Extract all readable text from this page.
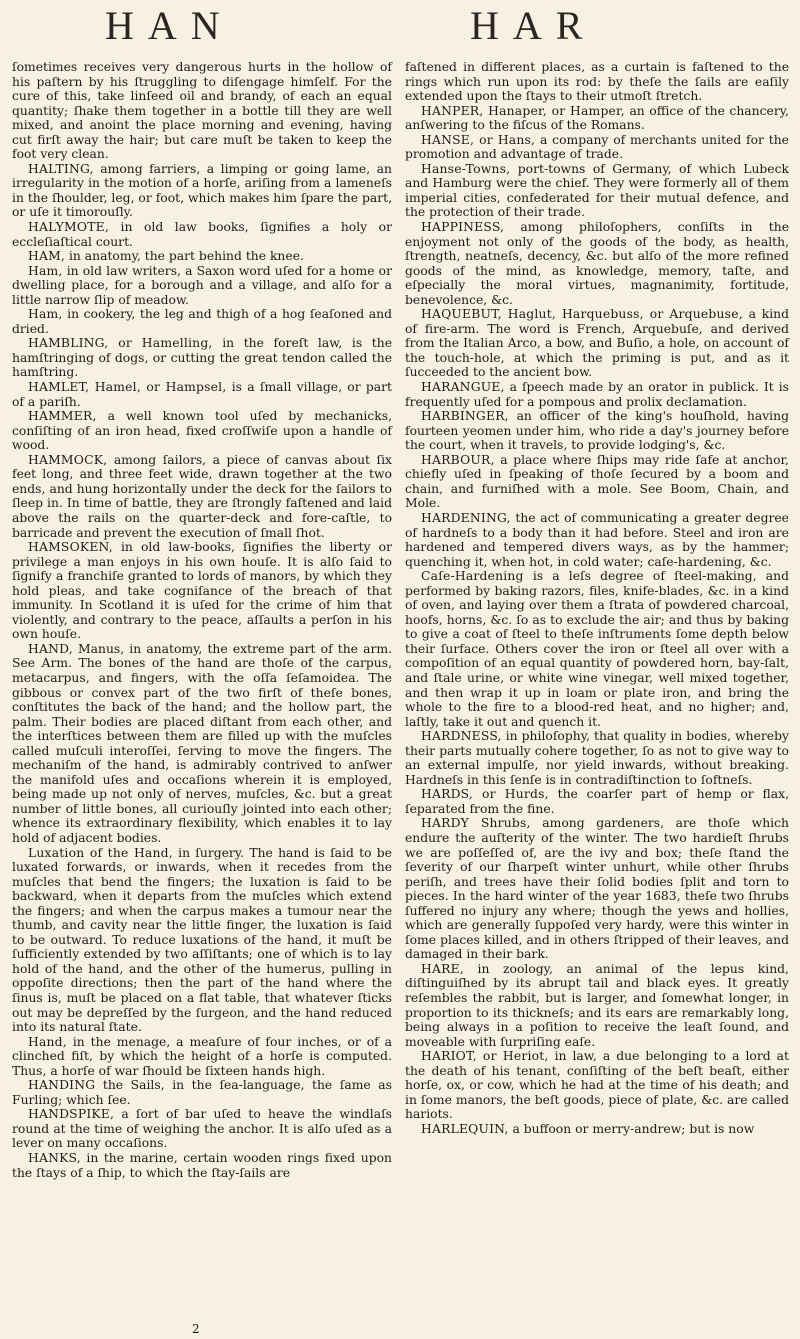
HAN	HAR

ſometimes receives very dangerous hurts in the hollow of his paſtern by his ſtruggling to diſengage himſelf. For the cure of this, take linſeed oil and brandy, of each an equal quantity; ſhake them together in a bottle till they are well mixed, and anoint the place morning and evening, having cut firſt away the hair; but care muſt be taken to keep the foot very clean.

HALTING, among farriers, a limping or going lame, an irregularity in the motion of a horſe, ariſing from a lameneſs in the ſhoulder, leg, or foot, which makes him ſpare the part, or uſe it timorouſly.

HALYMOTE, in old law books, ſignifies a holy or eccleſiaſtical court.

HAM, in anatomy, the part behind the knee.

Ham, in old law writers, a Saxon word uſed for a home or dwelling place, for a borough and a village, and alſo for a little narrow ſlip of meadow.

Ham, in cookery, the leg and thigh of a hog ſeaſoned and dried.

HAMBLING, or Hamelling, in the foreſt law, is the hamſtringing of dogs, or cutting the great tendon called the hamſtring.

HAMLET, Hamel, or Hampsel, is a ſmall village, or part of a pariſh.

HAMMER, a well known tool uſed by mechanicks, conſiſting of an iron head, fixed croſſwiſe upon a handle of wood.

HAMMOCK, among ſailors, a piece of canvas about ſix feet long, and three feet wide, drawn together at the two ends, and hung horizontally under the deck for the ſailors to ſleep in. In time of battle, they are ſtrongly faſtened and laid above the rails on the quarter-deck and fore-caſtle, to barricade and prevent the execution of ſmall ſhot.

HAMSOKEN, in old law-books, ſignifies the liberty or privilege a man enjoys in his own houſe. It is alſo ſaid to ſignify a franchiſe granted to lords of manors, by which they hold pleas, and take cogniſance of the breach of that immunity. In Scotland it is uſed for the crime of him that violently, and contrary to the peace, aſſaults a perſon in his own houſe.

HAND, Manus, in anatomy, the extreme part of the arm. See Arm. The bones of the hand are thoſe of the carpus, metacarpus, and fingers, with the oſſa ſeſamoidea. The gibbous or convex part of the two firſt of theſe bones, conſtitutes the back of the hand; and the hollow part, the palm. Their bodies are placed diſtant from each other, and the interſtices between them are filled up with the muſcles called muſculi interoſſei, ſerving to move the fingers. The mechaniſm of the hand, is admirably contrived to anſwer the manifold uſes and occaſions wherein it is employed, being made up not only of nerves, muſcles, &c. but a great number of little bones, all curiouſly jointed into each other; whence its extraordinary flexibility, which enables it to lay hold of adjacent bodies.

Luxation of the Hand, in ſurgery. The hand is ſaid to be luxated forwards, or inwards, when it recedes from the muſcles that bend the fingers; the luxation is ſaid to be backward, when it departs from the muſcles which extend the fingers; and when the carpus makes a tumour near the thumb, and cavity near the little finger, the luxation is ſaid to be outward. To reduce luxations of the hand, it muſt be ſufficiently extended by two aſſiſtants; one of which is to lay hold of the hand, and the other of the humerus, pulling in oppoſite directions; then the part of the hand where the ſinus is, muſt be placed on a flat table, that whatever ſticks out may be depreſſed by the ſurgeon, and the hand reduced into its natural ſtate.

Hand, in the menage, a meaſure of four inches, or of a clinched fiſt, by which the height of a horſe is computed. Thus, a horſe of war ſhould be ſixteen hands high.

HANDING the Sails, in the ſea-language, the ſame as Furling; which ſee.

HANDSPIKE, a ſort of bar uſed to heave the windlaſs round at the time of weighing the anchor. It is alſo uſed as a lever on many occaſions.

HANKS, in the marine, certain wooden rings fixed upon the ſtays of a ſhip, to which the ſtay-ſails are

faſtened in different places, as a curtain is faſtened to the rings which run upon its rod: by theſe the ſails are eaſily extended upon the ſtays to their utmoſt ſtretch.

HANPER, Hanaper, or Hamper, an office of the chancery, anſwering to the fiſcus of the Romans.

HANSE, or Hans, a company of merchants united for the promotion and advantage of trade.

Hanse-Towns, port-towns of Germany, of which Lubeck and Hamburg were the chief. They were formerly all of them imperial cities, confederated for their mutual defence, and the protection of their trade.

HAPPINESS, among philoſophers, conſiſts in the enjoyment not only of the goods of the body, as health, ſtrength, neatneſs, decency, &c. but alſo of the more refined goods of the mind, as knowledge, memory, taſte, and eſpecially the moral virtues, magnanimity, fortitude, benevolence, &c.

HAQUEBUT, Haglut, Harquebuss, or Arquebuse, a kind of fire-arm. The word is French, Arquebuſe, and derived from the Italian Arco, a bow, and Buſio, a hole, on account of the touch-hole, at which the priming is put, and as it ſucceeded to the ancient bow.

HARANGUE, a ſpeech made by an orator in publick. It is frequently uſed for a pompous and prolix declamation.

HARBINGER, an officer of the king's houſhold, having fourteen yeomen under him, who ride a day's journey before the court, when it travels, to provide lodging's, &c.

HARBOUR, a place where ſhips may ride ſafe at anchor, chiefly uſed in ſpeaking of thoſe ſecured by a boom and chain, and furniſhed with a mole. See Boom, Chain, and Mole.

HARDENING, the act of communicating a greater degree of hardneſs to a body than it had before. Steel and iron are hardened and tempered divers ways, as by the hammer; quenching it, when hot, in cold water; caſe-hardening, &c.

Caſe-Hardening is a leſs degree of ſteel-making, and performed by baking razors, files, knife-blades, &c. in a kind of oven, and laying over them a ſtrata of powdered charcoal, hoofs, horns, &c. ſo as to exclude the air; and thus by baking to give a coat of ſteel to theſe inſtruments ſome depth below their ſurface. Others cover the iron or ſteel all over with a compoſition of an equal quantity of powdered horn, bay-ſalt, and ſtale urine, or white wine vinegar, well mixed together, and then wrap it up in loam or plate iron, and bring the whole to the fire to a blood-red heat, and no higher; and, laſtly, take it out and quench it.

HARDNESS, in philoſophy, that quality in bodies, whereby their parts mutually cohere together, ſo as not to give way to an external impulſe, nor yield inwards, without breaking. Hardneſs in this ſenſe is in contradiſtinction to ſoftneſs.

HARDS, or Hurds, the coarſer part of hemp or flax, ſeparated from the fine.

HARDY Shrubs, among gardeners, are thoſe which endure the auſterity of the winter. The two hardieſt ſhrubs we are poſſeſſed of, are the ivy and box; theſe ſtand the ſeverity of our ſharpeſt winter unhurt, while other ſhrubs periſh, and trees have their ſolid bodies ſplit and torn to pieces. In the hard winter of the year 1683, theſe two ſhrubs ſuffered no injury any where; though the yews and hollies, which are generally ſuppoſed very hardy, were this winter in ſome places killed, and in others ſtripped of their leaves, and damaged in their bark.

HARE, in zoology, an animal of the lepus kind, diſtinguiſhed by its abrupt tail and black eyes. It greatly reſembles the rabbit, but is larger, and ſomewhat longer, in proportion to its thickneſs; and its ears are remarkably long, being always in a poſition to receive the leaſt ſound, and moveable with ſurpriſing eaſe.

HARIOT, or Heriot, in law, a due belonging to a lord at the death of his tenant, conſiſting of the beſt beaſt, either horſe, ox, or cow, which he had at the time of his death; and in ſome manors, the beſt goods, piece of plate, &c. are called hariots.

HARLEQUIN, a buffoon or merry-andrew; but is now

2
